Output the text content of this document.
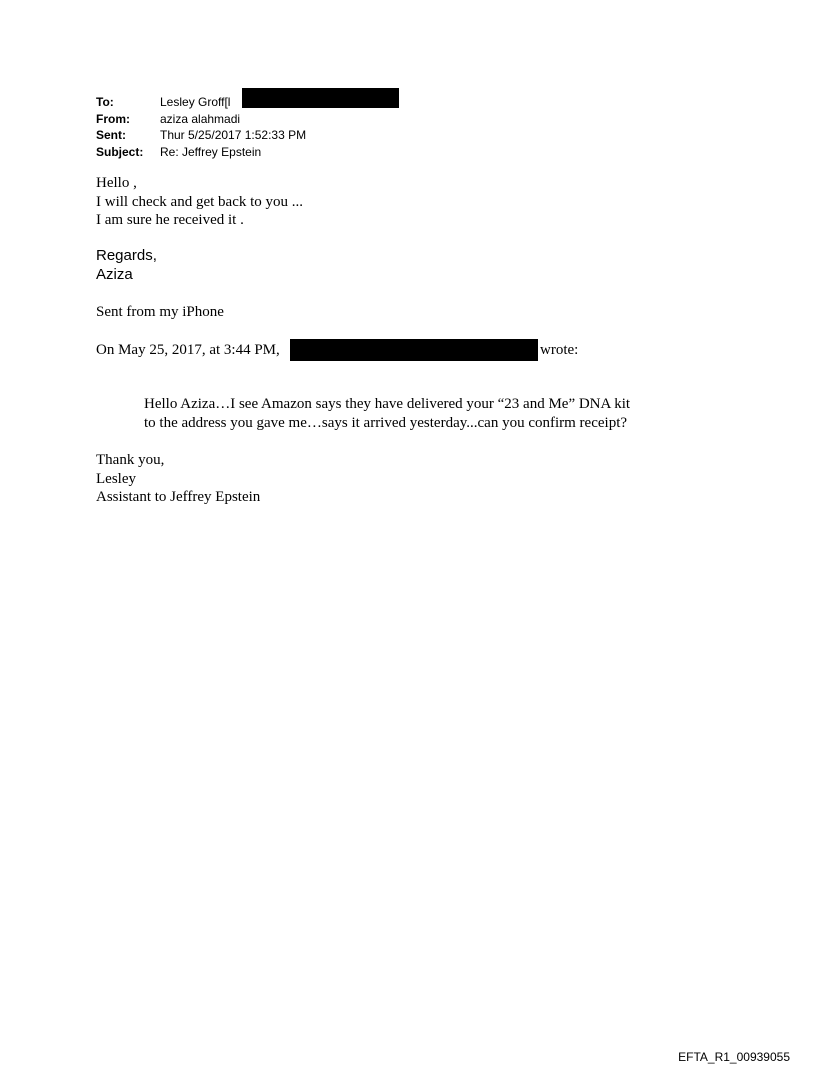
To:	Lesley Groff[l
From:	aziza alahmadi
Sent:	Thur 5/25/2017 1:52:33 PM
Subject:	Re: Jeffrey Epstein
Hello ,
I will check and get back to you ...
I am sure he received it .
Regards,
Aziza
Sent from my iPhone
On May 25, 2017, at 3:44 PM,	wrote:
Hello Aziza…I see Amazon says they have delivered your “23 and Me” DNA kit
to the address you gave me…says it arrived yesterday...can you confirm receipt?
Thank you,
Lesley
Assistant to Jeffrey Epstein
EFTA_R1_00939055
